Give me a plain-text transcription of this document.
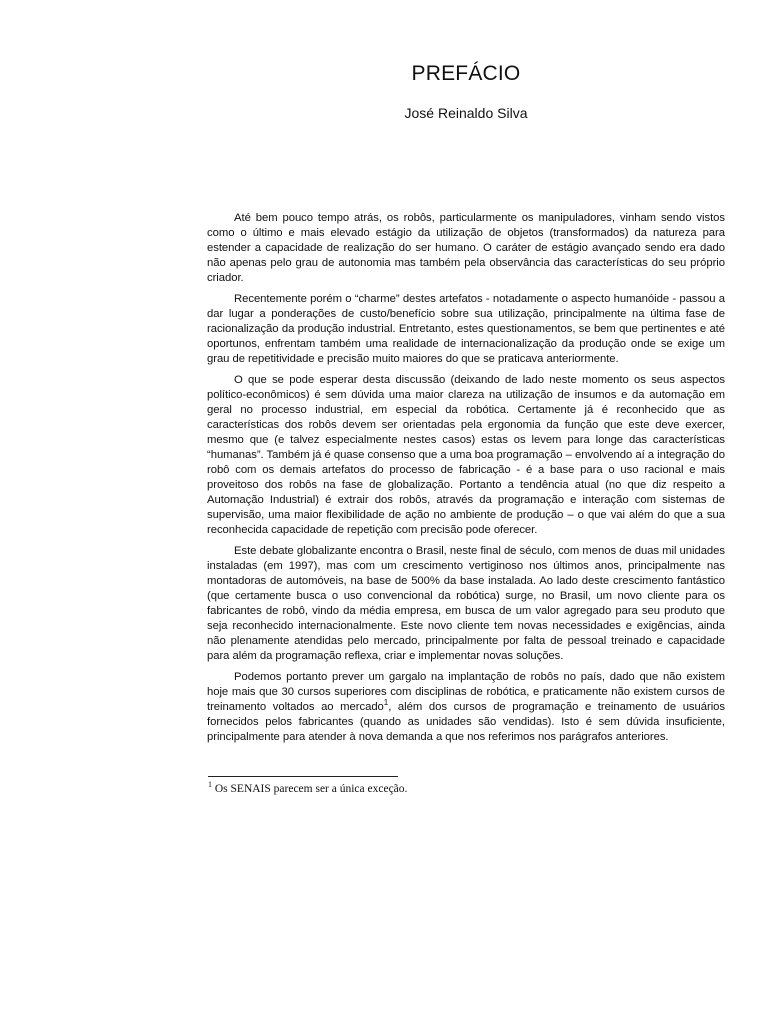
PREFÁCIO
José Reinaldo Silva

Até bem pouco tempo atrás, os robôs, particularmente os manipuladores, vinham sendo vistos como o último e mais elevado estágio da utilização de objetos (transformados) da natureza para estender a capacidade de realização do ser humano. O caráter de estágio avançado sendo era dado não apenas pelo grau de autonomia mas também pela observância das características do seu próprio criador.

Recentemente porém o “charme” destes artefatos - notadamente o aspecto humanóide - passou a dar lugar a ponderações de custo/benefício sobre sua utilização, principalmente na última fase de racionalização da produção industrial. Entretanto, estes questionamentos, se bem que pertinentes e até oportunos, enfrentam também uma realidade de internacionalização da produção onde se exige um grau de repetitividade e precisão muito maiores do que se praticava anteriormente.

O que se pode esperar desta discussão (deixando de lado neste momento os seus aspectos político-econômicos) é sem dúvida uma maior clareza na utilização de insumos e da automação em geral no processo industrial, em especial da robótica. Certamente já é reconhecido que as características dos robôs devem ser orientadas pela ergonomia da função que este deve exercer, mesmo que (e talvez especialmente nestes casos) estas os levem para longe das características “humanas”. Também já é quase consenso que a uma boa programação – envolvendo aí a integração do robô com os demais artefatos do processo de fabricação - é a base para o uso racional e mais proveitoso dos robôs na fase de globalização. Portanto a tendência atual (no que diz respeito a Automação Industrial) é extrair dos robôs, através da programação e interação com sistemas de supervisão, uma maior flexibilidade de ação no ambiente de produção – o que vai além do que a sua reconhecida capacidade de repetição com precisão pode oferecer.

Este debate globalizante encontra o Brasil, neste final de século, com menos de duas mil unidades instaladas (em 1997), mas com um crescimento vertiginoso nos últimos anos, principalmente nas montadoras de automóveis, na base de 500% da base instalada. Ao lado deste crescimento fantástico (que certamente busca o uso convencional da robótica) surge, no Brasil, um novo cliente para os fabricantes de robô, vindo da média empresa, em busca de um valor agregado para seu produto que seja reconhecido internacionalmente. Este novo cliente tem novas necessidades e exigências, ainda não plenamente atendidas pelo mercado, principalmente por falta de pessoal treinado e capacidade para além da programação reflexa, criar e implementar novas soluções.

Podemos portanto prever um gargalo na implantação de robôs no país, dado que não existem hoje mais que 30 cursos superiores com disciplinas de robótica, e praticamente não existem cursos de treinamento voltados ao mercado$^1$, além dos cursos de programação e treinamento de usuários fornecidos pelos fabricantes (quando as unidades são vendidas). Isto é sem dúvida insuficiente, principalmente para atender à nova demanda a que nos referimos nos parágrafos anteriores.

$^1$ Os SENAIS parecem ser a única exceção.
